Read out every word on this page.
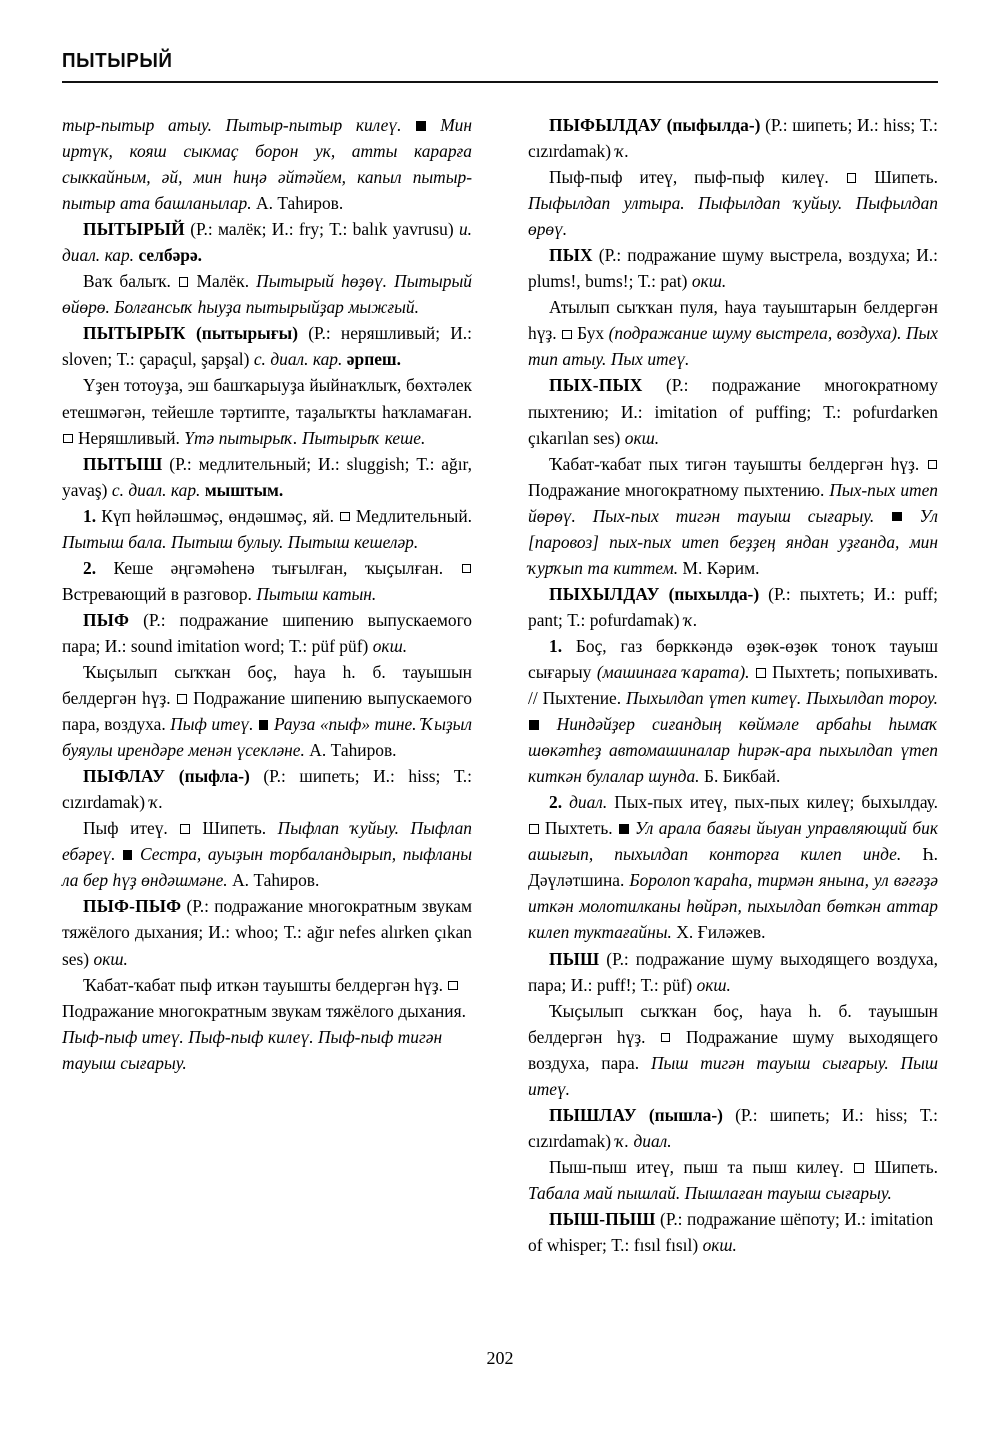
ПЫТЫРЫЙ

тыр-пытыр атыу. Пытыр-пытыр килеү.  Мин иртүк, кояш сыкмаҫ борон ук, атты карарға сыккайным, әй, мин һиңә әйтәйем, капыл пытыр-пытыр ата башланылар. А. Таһиров.

ПЫТЫРЫЙ (Р.: малёк; И.: fry; Т.: balık yavrusu) и. диал. кар. селбәрә.

Ваҡ балыҡ.  Малёк. Пытырый һөҙөү. Пытырый өйөрө. Болғансыҡ һыуҙа пытырыйҙар мыжғый.

ПЫТЫРЫҠ (пытырығы) (Р.: неряшливый; И.: sloven; Т.: çapaçul, şapşal) с. диал. кар. әрпеш.

Үҙен тотоуҙа, эш башҡарыуҙа йыйнаҡлыҡ, бөхтәлек етешмәгән, тейешле тәртипте, таҙалыҡты һаҡламаған.  Неряшливый. Үтә пытырыҡ. Пытырыҡ кеше.

ПЫТЫШ (Р.: медлительный; И.: sluggish; Т.: ağır, yavaş) с. диал. кар. мыштым.

1. Күп һөйләшмәҫ, өндәшмәҫ, яй.  Медлительный. Пытыш бала. Пытыш булыу. Пытыш кешеләр.

2. Кеше әңгәмәһенә тығылған, ҡыҫылған.  Встревающий в разговор. Пытыш катын.

ПЫФ (Р.: подражание шипению выпускаемого пара; И.: sound imitation word; Т.: püf püf) окш.

Ҡыҫылып сыҡҡан боҫ, һауа һ. б. тауышын белдергән һүҙ.  Подражание шипению выпускаемого пара, воздуха. Пыф итеү.  Рауза «пыф» тине. Ҡыҙыл буяулы ирендәре менән үсекләне. А. Таһиров.

ПЫФЛАУ (пыфла-) (Р.: шипеть; И.: hiss; Т.: cızırdamak) ҡ.

Пыф итеү.  Шипеть. Пыфлап ҡуйыу. Пыфлап ебәреү.  Сестра, ауыҙын торбаландырып, пыфланы ла бер һүҙ өндәшмәне. А. Таһиров.

ПЫФ-ПЫФ (Р.: подражание многократным звукам тяжёлого дыхания; И.: whoo; Т.: ağır nefes alırken çıkan ses) окш.

Ҡабат-ҡабат пыф иткән тауышты белдергән һүҙ.  Подражание многократным звукам тяжёлого дыхания. Пыф-пыф итеү. Пыф-пыф килеү. Пыф-пыф тигән тауыш сығарыу.

ПЫФЫЛДАУ (пыфылда-) (Р.: шипеть; И.: hiss; Т.: cızırdamak) ҡ.

Пыф-пыф итеү, пыф-пыф килеү.  Шипеть. Пыфылдап ултыра. Пыфылдап ҡуйыу. Пыфылдап өрөү.

ПЫХ (Р.: подражание шуму выстрела, воздуха; И.: plums!, bums!; Т.: pat) окш.

Атылып сыҡҡан пуля, һауа тауыштарын белдергән һүҙ.  Бух (подражание шуму выстрела, воздуха). Пых тип атыу. Пых итеү.

ПЫХ-ПЫХ (Р.: подражание многократному пыхтению; И.: imitation of puffing; Т.: pofurdarken çıkarılan ses) окш.

Ҡабат-ҡабат пых тигән тауышты белдергән һүҙ.  Подражание многократному пыхтению. Пых-пых итеп йөрөү. Пых-пых тигән тауыш сығарыу.  Ул [паровоз] пых-пых итеп беҙҙең яндан уҙғанда, мин ҡурҡып та киттем. М. Кәрим.

ПЫХЫЛДАУ (пыхылда-) (Р.: пыхтеть; И.: puff; pant; Т.: pofurdamak) ҡ.

1. Боҫ, газ бөрккәндә өҙөк-өҙөк тоноҡ тауыш сығарыу (машинаға ҡарата).  Пыхтеть; попыхивать. // Пыхтение. Пыхылдап үтеп китеү. Пыхылдап тороу.  Ниндәйҙер сиғандың көймәле арбаһы һымаҡ шөкәтһеҙ автомашиналар һирәк-ара пыхылдап үтеп киткән булалар шунда. Б. Бикбай.

2. диал. Пых-пых итеү, пых-пых килеү; быхылдау.  Пыхтеть.  Ул арала баяғы йыуан управляющий бик ашығып, пыхылдап конторға килеп инде. Һ. Дәүләтшина. Боролоп ҡараһа, тирмән янына, ул вәғәҙә иткән молотилканы һөйрәп, пыхылдап бөткән аттар килеп туктағайны. Х. Ғиләжев.

ПЫШ (Р.: подражание шуму выходящего воздуха, пара; И.: puff!; Т.: püf) окш.

Ҡыҫылып сыҡҡан боҫ, һауа һ. б. тауышын белдергән һүҙ.  Подражание шуму выходящего воздуха, пара. Пыш тигән тауыш сығарыу. Пыш итеү.

ПЫШЛАУ (пышла-) (Р.: шипеть; И.: hiss; Т.: cızırdamak) ҡ. диал.

Пыш-пыш итеү, пыш та пыш килеү.  Шипеть. Табала май пышлай. Пышлаған тауыш сығарыу.

ПЫШ-ПЫШ (Р.: подражание шёпоту; И.: imitation of whisper; Т.: fısıl fısıl) окш.

202
